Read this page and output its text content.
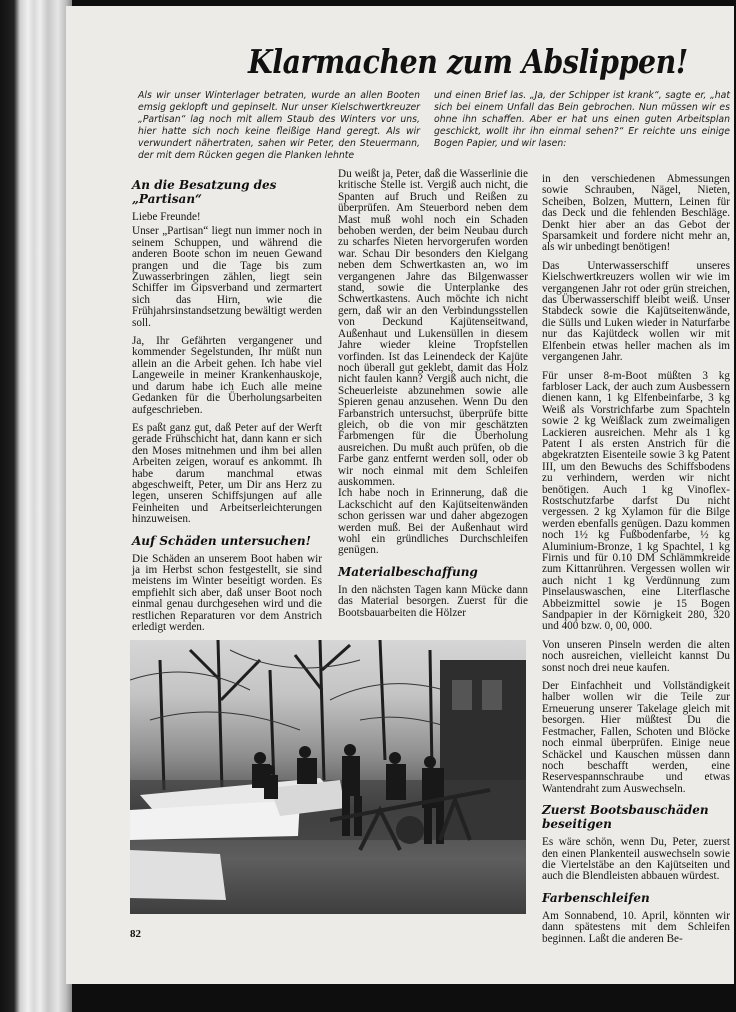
Klarmachen zum Abslippen!

Als wir unser Winterlager betraten, wurde an allen Booten emsig geklopft und gepinselt. Nur unser Kielschwertkreuzer „Partisan“ lag noch mit allem Staub des Winters vor uns, hier hatte sich noch keine fleißige Hand geregt. Als wir verwundert nähertraten, sahen wir Peter, den Steuermann, der mit dem Rücken gegen die Planken lehnte

und einen Brief las. „Ja, der Schipper ist krank“, sagte er, „hat sich bei einem Unfall das Bein gebrochen. Nun müssen wir es ohne ihn schaffen. Aber er hat uns einen guten Arbeitsplan geschickt, wollt ihr ihn einmal sehen?“ Er reichte uns einige Bogen Papier, und wir lasen:

An die Besatzung des „Partisan“

Liebe Freunde!

Unser „Partisan“ liegt nun immer noch in seinem Schuppen, und während die anderen Boote schon im neuen Gewand prangen und die Tage bis zum Zuwasserbringen zählen, liegt sein Schiffer im Gipsverband und zermartert sich das Hirn, wie die Frühjahrsinstandsetzung bewältigt werden soll.

Ja, Ihr Gefährten vergangener und kommender Segelstunden, Ihr müßt nun allein an die Arbeit gehen. Ich habe viel Langeweile in meiner Krankenhauskoje, und darum habe ich Euch alle meine Gedanken für die Überholungsarbeiten aufgeschrieben.

Es paßt ganz gut, daß Peter auf der Werft gerade Frühschicht hat, dann kann er sich den Moses mitnehmen und ihm bei allen Arbeiten zeigen, worauf es ankommt. Ih habe darum manchmal etwas abgeschweift, Peter, um Dir ans Herz zu legen, unseren Schiffsjungen auf alle Feinheiten und Arbeitserleichterungen hinzuweisen.

Auf Schäden untersuchen!

Die Schäden an unserem Boot haben wir ja im Herbst schon festgestellt, sie sind meistens im Winter beseitigt worden. Es empfiehlt sich aber, daß unser Boot noch einmal genau durchgesehen wird und die restlichen Reparaturen vor dem Anstrich erledigt werden.

Du weißt ja, Peter, daß die Wasserlinie die kritische Stelle ist. Vergiß auch nicht, die Spanten auf Bruch und Reißen zu überprüfen. Am Steuerbord neben dem Mast muß wohl noch ein Schaden behoben werden, der beim Neubau durch zu scharfes Nieten hervorgerufen worden war. Schau Dir besonders den Kielgang neben dem Schwertkasten an, wo im vergangenen Jahre das Bilgenwasser stand, sowie die Unterplanke des Schwertkastens. Auch möchte ich nicht gern, daß wir an den Verbindungsstellen von Deckund Kajütenseitwand, Außenhaut und Lukensüllen in diesem Jahre wieder kleine Tropfstellen vorfinden. Ist das Leinendeck der Kajüte noch überall gut geklebt, damit das Holz nicht faulen kann? Vergiß auch nicht, die Scheuerleiste abzunehmen sowie alle Spieren genau anzusehen. Wenn Du den Farbanstrich untersuchst, überprüfe bitte gleich, ob die von mir geschätzten Farbmengen für die Überholung ausreichen. Du mußt auch prüfen, ob die Farbe ganz entfernt werden soll, oder ob wir noch einmal mit dem Schleifen auskommen.

Ich habe noch in Erinnerung, daß die Lackschicht auf den Kajütseitenwänden schon gerissen war und daher abgezogen werden muß. Bei der Außenhaut wird wohl ein gründliches Durchschleifen genügen.

Materialbeschaffung

In den nächsten Tagen kann Mücke dann das Material besorgen. Zuerst für die Bootsbauarbeiten die Hölzer

in den verschiedenen Abmessungen sowie Schrauben, Nägel, Nieten, Scheiben, Bolzen, Muttern, Leinen für das Deck und die fehlenden Beschläge. Denkt hier aber an das Gebot der Sparsamkeit und fordere nicht mehr an, als wir unbedingt benötigen!

Das Unterwasserschiff unseres Kielschwertkreuzers wollen wir wie im vergangenen Jahr rot oder grün streichen, das Überwasserschiff bleibt weiß. Unser Stabdeck sowie die Kajütseitenwände, die Sülls und Luken wieder in Naturfarbe nur das Kajütdeck wollen wir mit Elfenbein etwas heller machen als im vergangenen Jahr.

Für unser 8-m-Boot müßten 3 kg farbloser Lack, der auch zum Ausbessern dienen kann, 1 kg Elfenbeinfarbe, 3 kg Weiß als Vorstrichfarbe zum Spachteln sowie 2 kg Weißlack zum zweimaligen Lackieren ausreichen. Mehr als 1 kg Patent I als ersten Anstrich für die abgekratzten Eisenteile sowie 3 kg Patent III, um den Bewuchs des Schiffsbodens zu verhindern, werden wir nicht benötigen. Auch 1 kg Vinoflex-Rostschutzfarbe darfst Du nicht vergessen. 2 kg Xylamon für die Bilge werden ebenfalls genügen. Dazu kommen noch 1½ kg Fußbodenfarbe, ½ kg Aluminium-Bronze, 1 kg Spachtel, 1 kg Firnis und für 0.10 DM Schlämmkreide zum Kittanrühren. Vergessen wollen wir auch nicht 1 kg Verdünnung zum Pinselauswaschen, eine Literflasche Abbeizmittel sowie je 15 Bogen Sandpapier in der Körnigkeit 280, 320 und 400 bzw. 0, 00, 000.

Von unseren Pinseln werden die alten noch ausreichen, vielleicht kannst Du sonst noch drei neue kaufen.

Der Einfachheit und Vollständigkeit halber wollen wir die Teile zur Erneuerung unserer Takelage gleich mit besorgen. Hier müßtest Du die Festmacher, Fallen, Schoten und Blöcke noch einmal überprüfen. Einige neue Schäckel und Kauschen müssen dann noch beschafft werden, eine Reservespannschraube und etwas Wantendraht zum Auswechseln.

Zuerst Bootsbauschäden beseitigen

Es wäre schön, wenn Du, Peter, zuerst den einen Plankenteil auswechseln sowie die Viertelstäbe an den Kajütseiten und auch die Blendleisten abbauen würdest.

Farbenschleifen

Am Sonnabend, 10. April, könnten wir dann spätestens mit dem Schleifen beginnen. Laßt die anderen Be-

82
